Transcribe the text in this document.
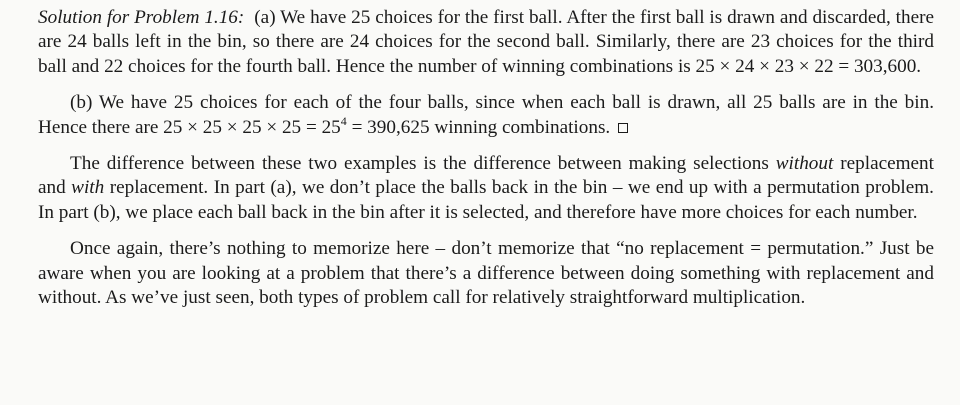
Solution for Problem 1.16: (a) We have 25 choices for the first ball. After the first ball is drawn and discarded, there are 24 balls left in the bin, so there are 24 choices for the second ball. Similarly, there are 23 choices for the third ball and 22 choices for the fourth ball. Hence the number of winning combinations is 25 × 24 × 23 × 22 = 303,600.

(b) We have 25 choices for each of the four balls, since when each ball is drawn, all 25 balls are in the bin. Hence there are $25 \times 25 \times 25 \times 25 = 25^4 = 390,625$ winning combinations.

The difference between these two examples is the difference between making selections without replacement and with replacement. In part (a), we don’t place the balls back in the bin – we end up with a permutation problem. In part (b), we place each ball back in the bin after it is selected, and therefore have more choices for each number.

Once again, there’s nothing to memorize here – don’t memorize that “no replacement = permutation.” Just be aware when you are looking at a problem that there’s a difference between doing something with replacement and without. As we’ve just seen, both types of problem call for relatively straightforward multiplication.
